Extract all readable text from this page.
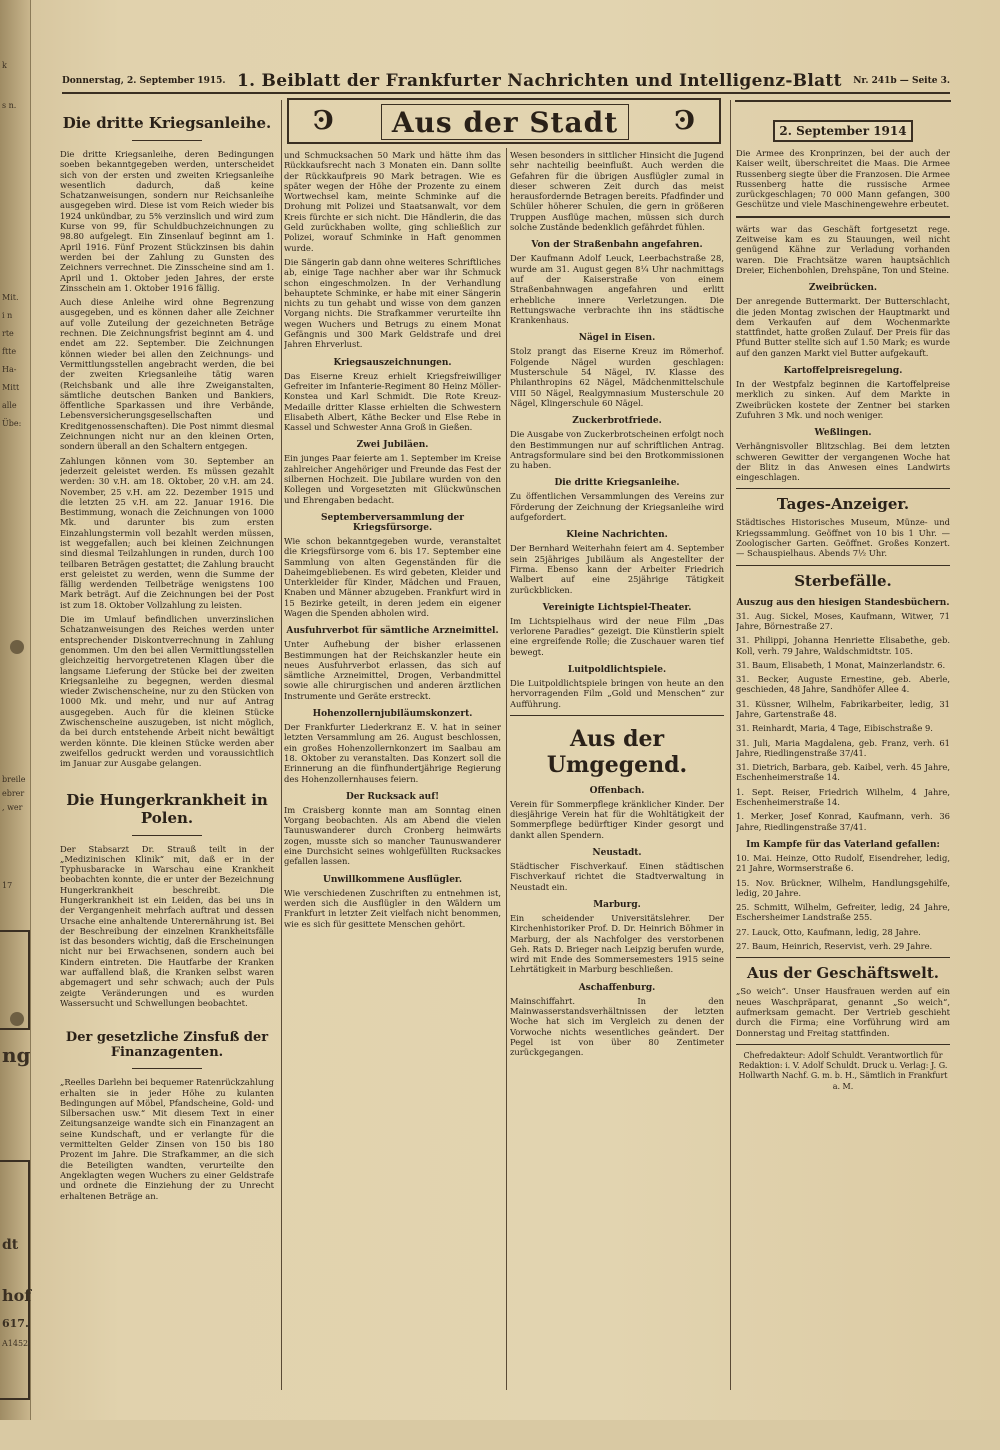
k
s n.
Mit.
i n
rte
ftte
Ha-
Mitt
alle
Übe:
breile
ebrer
, wer
17
ng
dt
hof
617.
A1452
Donnerstag, 2. September 1915. 1. Beiblatt der Frankfurter Nachrichten und Intelligenz-Blatt Nr. 241b — Seite 3.
Ͽ Aus der Stadt Ͽ	2. September 1914
Die dritte Kriegsanleihe.
Die dritte Kriegsanleihe, deren Bedingungen soeben bekanntgegeben werden, unterscheidet sich von der ersten und zweiten Kriegsanleihe wesentlich dadurch, daß keine Schatzanweisungen, sondern nur Reichsanleihe ausgegeben wird. Diese ist vom Reich wieder bis 1924 unkündbar, zu 5% verzinslich und wird zum Kurse von 99, für Schuldbuchzeichnungen zu 98.80 aufgelegt. Ein Zinsenlauf beginnt am 1. April 1916. Fünf Prozent Stückzinsen bis dahin werden bei der Zahlung zu Gunsten des Zeichners verrechnet. Die Zinsscheine sind am 1. April und 1. Oktober jeden Jahres, der erste Zinsschein am 1. Oktober 1916 fällig.
Auch diese Anleihe wird ohne Begrenzung ausgegeben, und es können daher alle Zeichner auf volle Zuteilung der gezeichneten Beträge rechnen. Die Zeichnungsfrist beginnt am 4. und endet am 22. September. Die Zeichnungen können wieder bei allen den Zeichnungs- und Vermittlungsstellen angebracht werden, die bei der zweiten Kriegsanleihe tätig waren (Reichsbank und alle ihre Zweiganstalten, sämtliche deutschen Banken und Bankiers, öffentliche Sparkassen und ihre Verbände, Lebensversicherungsgesellschaften und Kreditgenossenschaften). Die Post nimmt diesmal Zeichnungen nicht nur an den kleinen Orten, sondern überall an den Schaltern entgegen.
Zahlungen können vom 30. September an jederzeit geleistet werden. Es müssen gezahlt werden: 30 v.H. am 18. Oktober, 20 v.H. am 24. November, 25 v.H. am 22. Dezember 1915 und die letzten 25 v.H. am 22. Januar 1916. Die Bestimmung, wonach die Zeichnungen von 1000 Mk. und darunter bis zum ersten Einzahlungstermin voll bezahlt werden müssen, ist weggefallen; auch bei kleinen Zeichnungen sind diesmal Teilzahlungen in runden, durch 100 teilbaren Beträgen gestattet; die Zahlung braucht erst geleistet zu werden, wenn die Summe der fällig werdenden Teilbeträge wenigstens 100 Mark beträgt. Auf die Zeichnungen bei der Post ist zum 18. Oktober Vollzahlung zu leisten.
Die im Umlauf befindlichen unverzinslichen Schatzanweisungen des Reiches werden unter entsprechender Diskontverrechnung in Zahlung genommen. Um den bei allen Vermittlungsstellen gleichzeitig hervorgetretenen Klagen über die langsame Lieferung der Stücke bei der zweiten Kriegsanleihe zu begegnen, werden diesmal wieder Zwischenscheine, nur zu den Stücken von 1000 Mk. und mehr, und nur auf Antrag ausgegeben. Auch für die kleinen Stücke Zwischenscheine auszugeben, ist nicht möglich, da bei durch entstehende Arbeit nicht bewältigt werden könnte. Die kleinen Stücke werden aber zweifellos gedruckt werden und voraussichtlich im Januar zur Ausgabe gelangen.
Die Hungerkrankheit in Polen.
Der Stabsarzt Dr. Strauß teilt in der „Medizinischen Klinik“ mit, daß er in der Typhusbaracke in Warschau eine Krankheit beobachten konnte, die er unter der Bezeichnung Hungerkrankheit beschreibt. Die Hungerkrankheit ist ein Leiden, das bei uns in der Vergangenheit mehrfach auftrat und dessen Ursache eine anhaltende Unterernährung ist. Bei der Beschreibung der einzelnen Krankheitsfälle ist das besonders wichtig, daß die Erscheinungen nicht nur bei Erwachsenen, sondern auch bei Kindern eintreten. Die Hautfarbe der Kranken war auffallend blaß, die Kranken selbst waren abgemagert und sehr schwach; auch der Puls zeigte Veränderungen und es wurden Wassersucht und Schwellungen beobachtet.
Der gesetzliche Zinsfuß der Finanzagenten.
„Reelles Darlehn bei bequemer Ratenrückzahlung erhalten sie in jeder Höhe zu kulanten Bedingungen auf Möbel, Pfandscheine, Gold- und Silbersachen usw.“ Mit diesem Text in einer Zeitungsanzeige wandte sich ein Finanzagent an seine Kundschaft, und er verlangte für die vermittelten Gelder Zinsen von 150 bis 180 Prozent im Jahre. Die Strafkammer, an die sich die Beteiligten wandten, verurteilte den Angeklagten wegen Wuchers zu einer Geldstrafe und ordnete die Einziehung der zu Unrecht erhaltenen Beträge an.
und Schmucksachen 50 Mark und hätte ihm das Rückkaufsrecht nach 3 Monaten ein. Dann sollte der Rückkaufpreis 90 Mark betragen. Wie es später wegen der Höhe der Prozente zu einem Wortwechsel kam, meinte Schminke auf die Drohung mit Polizei und Staatsanwalt, vor dem Kreis fürchte er sich nicht. Die Händlerin, die das Geld zurückhaben wollte, ging schließlich zur Polizei, worauf Schminke in Haft genommen wurde.
Die Sängerin gab dann ohne weiteres Schriftliches ab, einige Tage nachher aber war ihr Schmuck schon eingeschmolzen. In der Verhandlung behauptete Schminke, er habe mit einer Sängerin nichts zu tun gehabt und wisse von dem ganzen Vorgang nichts. Die Strafkammer verurteilte ihn wegen Wuchers und Betrugs zu einem Monat Gefängnis und 300 Mark Geldstrafe und drei Jahren Ehrverlust.
Kriegsauszeichnungen.
Das Eiserne Kreuz erhielt Kriegsfreiwilliger Gefreiter im Infanterie-Regiment 80 Heinz Möller-Konstea und Karl Schmidt. Die Rote Kreuz-Medaille dritter Klasse erhielten die Schwestern Elisabeth Albert, Käthe Becker und Else Rebe in Kassel und Schwester Anna Groß in Gießen.
Zwei Jubiläen.
Ein junges Paar feierte am 1. September im Kreise zahlreicher Angehöriger und Freunde das Fest der silbernen Hochzeit. Die Jubilare wurden von den Kollegen und Vorgesetzten mit Glückwünschen und Ehrengaben bedacht.
Septemberversammlung der Kriegsfürsorge.
Wie schon bekanntgegeben wurde, veranstaltet die Kriegsfürsorge vom 6. bis 17. September eine Sammlung von alten Gegenständen für die Daheimgebliebenen. Es wird gebeten, Kleider und Unterkleider für Kinder, Mädchen und Frauen, Knaben und Männer abzugeben. Frankfurt wird in 15 Bezirke geteilt, in deren jedem ein eigener Wagen die Spenden abholen wird.
Ausfuhrverbot für sämtliche Arzneimittel.
Unter Aufhebung der bisher erlassenen Bestimmungen hat der Reichskanzler heute ein neues Ausfuhrverbot erlassen, das sich auf sämtliche Arzneimittel, Drogen, Verbandmittel sowie alle chirurgischen und anderen ärztlichen Instrumente und Geräte erstreckt.
Hohenzollernjubiläumskonzert.
Der Frankfurter Liederkranz E. V. hat in seiner letzten Versammlung am 26. August beschlossen, ein großes Hohenzollernkonzert im Saalbau am 18. Oktober zu veranstalten. Das Konzert soll die Erinnerung an die fünfhundertjährige Regierung des Hohenzollernhauses feiern.
Der Rucksack auf!
Im Craisberg konnte man am Sonntag einen Vorgang beobachten. Als am Abend die vielen Taunuswanderer durch Cronberg heimwärts zogen, musste sich so mancher Taunuswanderer eine Durchsicht seines wohlgefüllten Rucksackes gefallen lassen.
Unwillkommene Ausflügler.
Wie verschiedenen Zuschriften zu entnehmen ist, werden sich die Ausflügler in den Wäldern um Frankfurt in letzter Zeit vielfach nicht benommen, wie es sich für gesittete Menschen gehört.
Wesen besonders in sittlicher Hinsicht die Jugend sehr nachteilig beeinflußt. Auch werden die Gefahren für die übrigen Ausflügler zumal in dieser schweren Zeit durch das meist herausfordernde Betragen bereits. Pfadfinder und Schüler höherer Schulen, die gern in größeren Truppen Ausflüge machen, müssen sich durch solche Zustände bedenklich gefährdet fühlen.
Von der Straßenbahn angefahren.
Der Kaufmann Adolf Leuck, Leerbachstraße 28, wurde am 31. August gegen 8¼ Uhr nachmittags auf der Kaiserstraße von einem Straßenbahnwagen angefahren und erlitt erhebliche innere Verletzungen. Die Rettungswache verbrachte ihn ins städtische Krankenhaus.
Nägel in Eisen.
Stolz prangt das Eiserne Kreuz im Römerhof. Folgende Nägel wurden geschlagen: Musterschule 54 Nägel, IV. Klasse des Philanthropins 62 Nägel, Mädchenmittelschule VIII 50 Nägel, Realgymnasium Musterschule 20 Nägel, Klingerschule 60 Nägel.
Zuckerbrotfriede.
Die Ausgabe von Zuckerbrotscheinen erfolgt noch den Bestimmungen nur auf schriftlichen Antrag. Antragsformulare sind bei den Brotkommissionen zu haben.
Die dritte Kriegsanleihe.
Zu öffentlichen Versammlungen des Vereins zur Förderung der Zeichnung der Kriegsanleihe wird aufgefordert.
Kleine Nachrichten.
Der Bernhard Weiterhahn feiert am 4. September sein 25jähriges Jubiläum als Angestellter der Firma. Ebenso kann der Arbeiter Friedrich Walbert auf eine 25jährige Tätigkeit zurückblicken.
Vereinigte Lichtspiel-Theater.
Im Lichtspielhaus wird der neue Film „Das verlorene Paradies“ gezeigt. Die Künstlerin spielt eine ergreifende Rolle; die Zuschauer waren tief bewegt.
Luitpoldlichtspiele.
Die Luitpoldlichtspiele bringen von heute an den hervorragenden Film „Gold und Menschen“ zur Aufführung.
Aus der Umgegend.
Offenbach.
Verein für Sommerpflege kränklicher Kinder. Der diesjährige Verein hat für die Wohltätigkeit der Sommerpflege bedürftiger Kinder gesorgt und dankt allen Spendern.
Neustadt.
Städtischer Fischverkauf. Einen städtischen Fischverkauf richtet die Stadtverwaltung in Neustadt ein.
Marburg.
Ein scheidender Universitätslehrer. Der Kirchenhistoriker Prof. D. Dr. Heinrich Böhmer in Marburg, der als Nachfolger des verstorbenen Geh. Rats D. Brieger nach Leipzig berufen wurde, wird mit Ende des Sommersemesters 1915 seine Lehrtätigkeit in Marburg beschließen.
Aschaffenburg.
Mainschiffahrt. In den Mainwasserstandsverhältnissen der letzten Woche hat sich im Vergleich zu denen der Vorwoche nichts wesentliches geändert. Der Pegel ist von über 80 Zentimeter zurückgegangen.
Die Armee des Kronprinzen, bei der auch der Kaiser weilt, überschreitet die Maas. Die Armee Russenberg siegte über die Franzosen. Die Armee Russenberg hatte die russische Armee zurückgeschlagen; 70 000 Mann gefangen, 300 Geschütze und viele Maschinengewehre erbeutet.
wärts war das Geschäft fortgesetzt rege. Zeitweise kam es zu Stauungen, weil nicht genügend Kähne zur Verladung vorhanden waren. Die Frachtsätze waren hauptsächlich Dreier, Eichenbohlen, Drehspäne, Ton und Steine.
Zweibrücken.
Der anregende Buttermarkt. Der Butterschlacht, die jeden Montag zwischen der Hauptmarkt und dem Verkaufen auf dem Wochenmarkte stattfindet, hatte großen Zulauf. Der Preis für das Pfund Butter stellte sich auf 1.50 Mark; es wurde auf den ganzen Markt viel Butter aufgekauft.
Kartoffelpreisregelung.
In der Westpfalz beginnen die Kartoffelpreise merklich zu sinken. Auf dem Markte in Zweibrücken kostete der Zentner bei starken Zufuhren 3 Mk. und noch weniger.
Weßlingen.
Verhängnisvoller Blitzschlag. Bei dem letzten schweren Gewitter der vergangenen Woche hat der Blitz in das Anwesen eines Landwirts eingeschlagen.
Tages-Anzeiger.
Städtisches Historisches Museum, Münze- und Kriegssammlung. Geöffnet von 10 bis 1 Uhr. — Zoologischer Garten. Geöffnet. Großes Konzert. — Schauspielhaus. Abends 7½ Uhr.
Sterbefälle.
Auszug aus den hiesigen Standesbüchern.
31. Aug. Sickel, Moses, Kaufmann, Witwer, 71 Jahre, Börnestraße 27.
31. Philippi, Johanna Henriette Elisabethe, geb. Koll, verh. 79 Jahre, Waldschmidtstr. 105.
31. Baum, Elisabeth, 1 Monat, Mainzerlandstr. 6.
31. Becker, Auguste Ernestine, geb. Aberle, geschieden, 48 Jahre, Sandhöfer Allee 4.
31. Küssner, Wilhelm, Fabrikarbeiter, ledig, 31 Jahre, Gartenstraße 48.
31. Reinhardt, Maria, 4 Tage, Eibischstraße 9.
31. Juli, Maria Magdalena, geb. Franz, verh. 61 Jahre, Riedlingenstraße 37/41.
31. Dietrich, Barbara, geb. Kaibel, verh. 45 Jahre, Eschenheimerstraße 14.
1. Sept. Reiser, Friedrich Wilhelm, 4 Jahre, Eschenheimerstraße 14.
1. Merker, Josef Konrad, Kaufmann, verh. 36 Jahre, Riedlingenstraße 37/41.
Im Kampfe für das Vaterland gefallen:
10. Mai. Heinze, Otto Rudolf, Eisendreher, ledig, 21 Jahre, Wormserstraße 6.
15. Nov. Brückner, Wilhelm, Handlungsgehilfe, ledig, 20 Jahre.
25. Schmitt, Wilhelm, Gefreiter, ledig, 24 Jahre, Eschersheimer Landstraße 255.
27. Lauck, Otto, Kaufmann, ledig, 28 Jahre.
27. Baum, Heinrich, Reservist, verh. 29 Jahre.
Aus der Geschäftswelt.
„So weich“. Unser Hausfrauen werden auf ein neues Waschpräparat, genannt „So weich“, aufmerksam gemacht. Der Vertrieb geschieht durch die Firma; eine Vorführung wird am Donnerstag und Freitag stattfinden.
Chefredakteur: Adolf Schuldt. Verantwortlich für Redaktion: i. V. Adolf Schuldt. Druck u. Verlag: J. G. Hollwarth Nachf. G. m. b. H., Sämtlich in Frankfurt a. M.
